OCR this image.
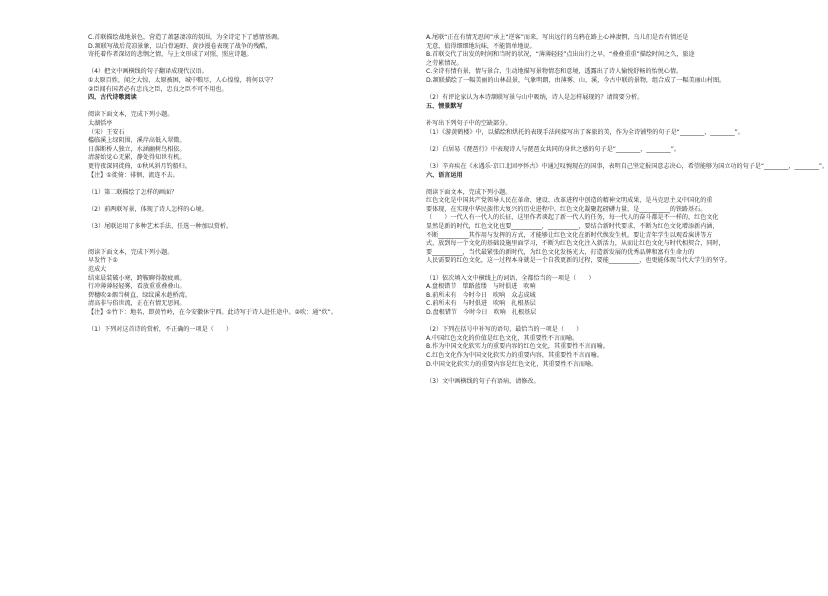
C.首联描绘战地景色，营造了萧瑟凄凉的氛围，为全诗定下了感情基调。
D.颔联写战后荒凉景象，以白骨遍野、黄沙漫卷表现了战争的残酷，
寄托着作者深切的悲悯之情，与上文形成了对照，照应诗题。

（4）把文中画横线的句子翻译成现代汉语。
①太原百姓，闻之大惊，太原被困，城中粮尽，人心惶惶，将何以守？
②臣闻有国者必有忠良之臣，忠良之臣不可不用也。
四、古代诗歌阅读

阅读下面文本，完成下列小题。
太湖恬亭
（宋）王安石
槛临溪上绿阴围，溪岸高低入翠微。
日落断桥人独立，水涵幽树鸟相依。
清游始觉心无累，静处得知世有机。
更待夜深同徙倚，①秋风斜月钓船归。
【注】①徙倚：徘徊，流连不去。

（1）第二联描绘了怎样的画面？

（2）前两联写景，体现了诗人怎样的心境。

（3）尾联运用了多种艺术手法，任选一种加以赏析。

阅读下面文本，完成下列小题。
早发竹下①
范成大
结束晨装破小寒，跨鞍聊得散疲顽。
行冲薄薄轻轻雾，看放重重叠叠山。
碧穗吹②烟当树直，绿纹溪水趁桥湾。
清高非与俗世流，正在有情无思间。
【注】①竹下：地名，即黄竹岭，在今安徽休宁西。此诗写于诗人赴任途中。②吹：通“炊”。

（1）下列对这首诗的赏析，不正确的一项是（　　）
A.尾联“正在有情无思间”承上“逆客”而来，写出远行的乌鸦在路上心神凄惘，乌儿们是否有情还是
无意，值得细细地玩味，不能简单地说。
B.首联交代了出发的时间和当时的状况，“薄薄轻轻”点出出行之早，“叠叠重重”描绘时间之久，旅途
之劳累情况。
C.全诗有情有景，情与景合，生动地描写景物情态和意境，透露出了诗人愉悦舒畅的怡悦心情。
D.颔联描绘了一幅美丽的山林晨景，气象明朗，由薄雾、山、溪，今古中联的景物，组合成了一幅美丽山村图。

（2）有评论家认为本诗颔联写景与山中吸纳，诗人是怎样展现的？请简要分析。
五、情景默写

补写出下列句子中的空缺部分。
（1）《游黄鹤楼》中，以描绘和烘托的表现手法间接写出了客旅的美，作为全诗铺垫的句子是“________，________”。

（2）白居易《琵琶行》中表现诗人与琵琶女共同的身世之感的句子是“________，________”。

（3）辛弃疾在《永遇乐·京口北固亭怀古》中通过叹惋现在的国事，表明自己坚定报国意志决心，希望能够为国立功的句子是“________，________”。
六、语言运用

阅读下面文本，完成下列小题。
红色文化是中国共产党领导人民在革命、建设、改革进程中创造的精神文明成果，是马克思主义中国化的重
要体现，在实现中华民族伟大复兴的历史进程中，红色文化凝聚起磅礴力量，是__________的铁路基石。
（　　）一代人有一代人的长征，这里作者谈起了新一代人的任务，每一代人的奋斗都是不一样的，红色文化
显然是新的时代，红色文化也要__________，__________，要结合新时代要求，不断为红色文化增添新内涵，
不断__________其作用与发挥的方式，才能够让红色文化在新时代焕发生机。要让青年学生以观看演讲等方
式，放到每一个文化的基础设施里面学习，不断为红色文化注入新活力，从而让红色文化与时代相契合，同时，
要__________，当代最紧张的新时代，为红色文化发扬光大，打造新发展的优秀品牌和富有生命力的
人民需要的红色文化，这一过程本身就是一个自我更新的过程，要能__________，也更能体现当代大学生的坚守。

（1）依次填入文中横线上的词语，全都恰当的一项是（　　）
A.盘根错节　筚路蓝缕　与时俱进　吹响
B.前所未有　今时今日　吹响　众志成城
C.前所未有　与时俱进　吹响　扎根基层
D.盘根错节　今时今日　吹响　扎根基层

（2）下列在括号中补写的语句，最恰当的一项是（　　）
A.中国红色文化的价值是红色文化，其重要性不言而喻。
B.作为中国文化软实力的重要内容的红色文化，其重要性不言而喻。
C.红色文化作为中国文化软实力的重要内容，其重要性不言而喻。
D.中国文化软实力的重要内容是红色文化，其重要性不言而喻。

（3）文中画横线的句子有语病，请修改。
